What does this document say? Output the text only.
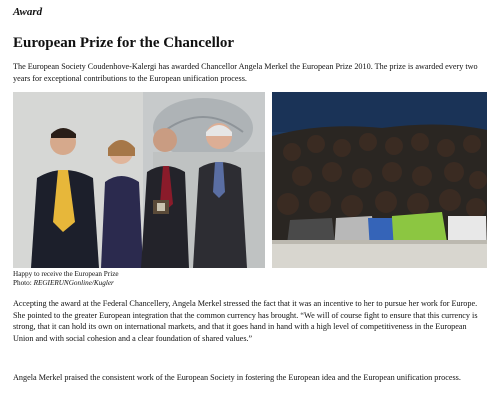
Award
European Prize for the Chancellor

The European Society Coudenhove-Kalergi has awarded Chancellor Angela Merkel the European Prize 2010. The prize is awarded every two years for exceptional contributions to the European unification process.

Happy to receive the European Prize
Photo: REGIERUNGonline/Kugler

Accepting the award at the Federal Chancellery, Angela Merkel stressed the fact that it was an incentive to her to pursue her work for Europe. She pointed to the greater European integration that the common currency has brought. “We will of course fight to ensure that this currency is strong, that it can hold its own on international markets, and that it goes hand in hand with a high level of competitiveness in the European Union and with social cohesion and a clear foundation of shared values.”

Angela Merkel praised the consistent work of the European Society in fostering the European idea and the European unification process.
